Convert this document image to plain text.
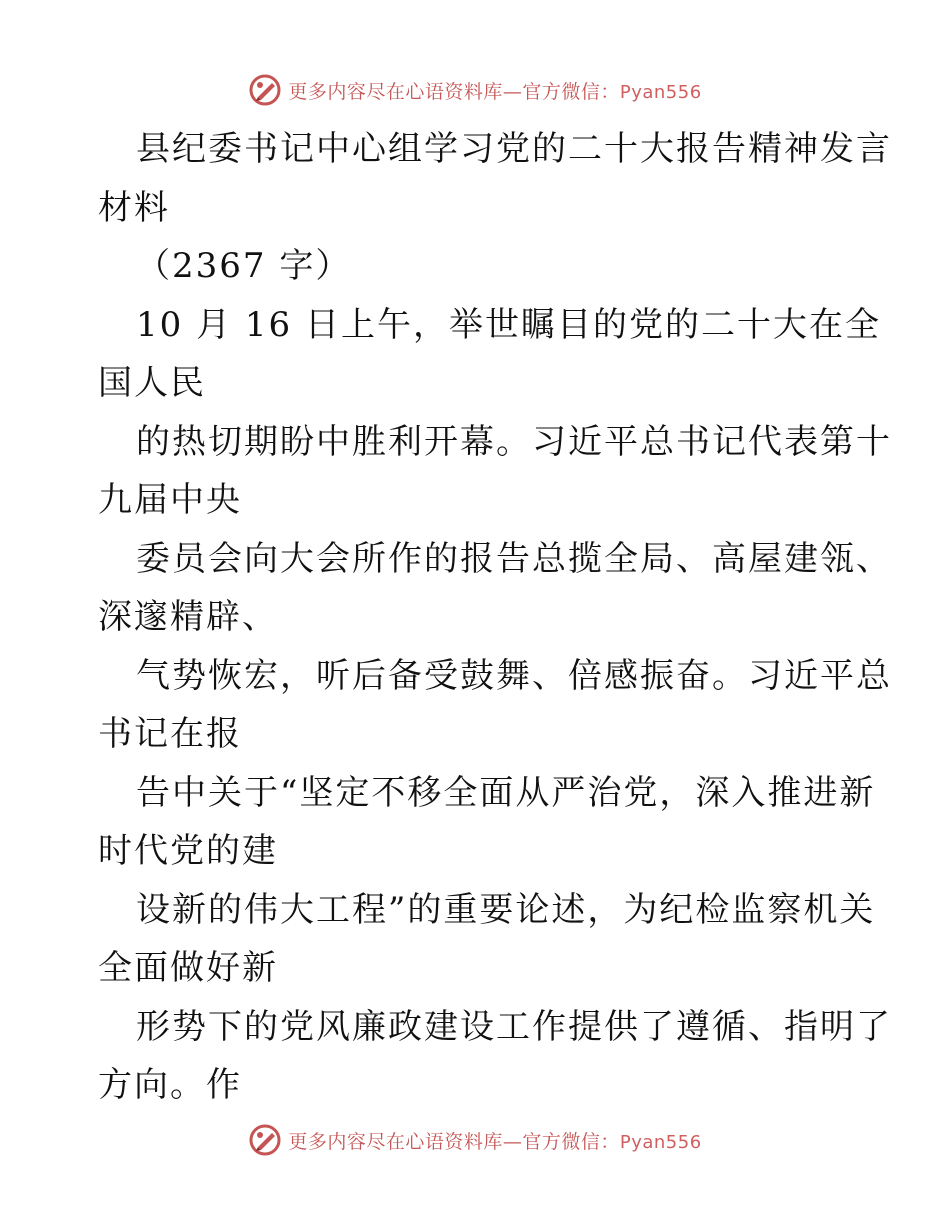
更多内容尽在心语资料库—官方微信：Pyan556
县纪委书记中心组学习党的二十大报告精神发言
材料
（2367 字）
10 月 16 日上午，举世瞩目的党的二十大在全
国人民
的热切期盼中胜利开幕。习近平总书记代表第十
九届中央
委员会向大会所作的报告总揽全局、高屋建瓴、
深邃精辟、
气势恢宏，听后备受鼓舞、倍感振奋。习近平总
书记在报
告中关于“坚定不移全面从严治党，深入推进新
时代党的建
设新的伟大工程”的重要论述，为纪检监察机关
全面做好新
形势下的党风廉政建设工作提供了遵循、指明了
方向。作
更多内容尽在心语资料库—官方微信：Pyan556
